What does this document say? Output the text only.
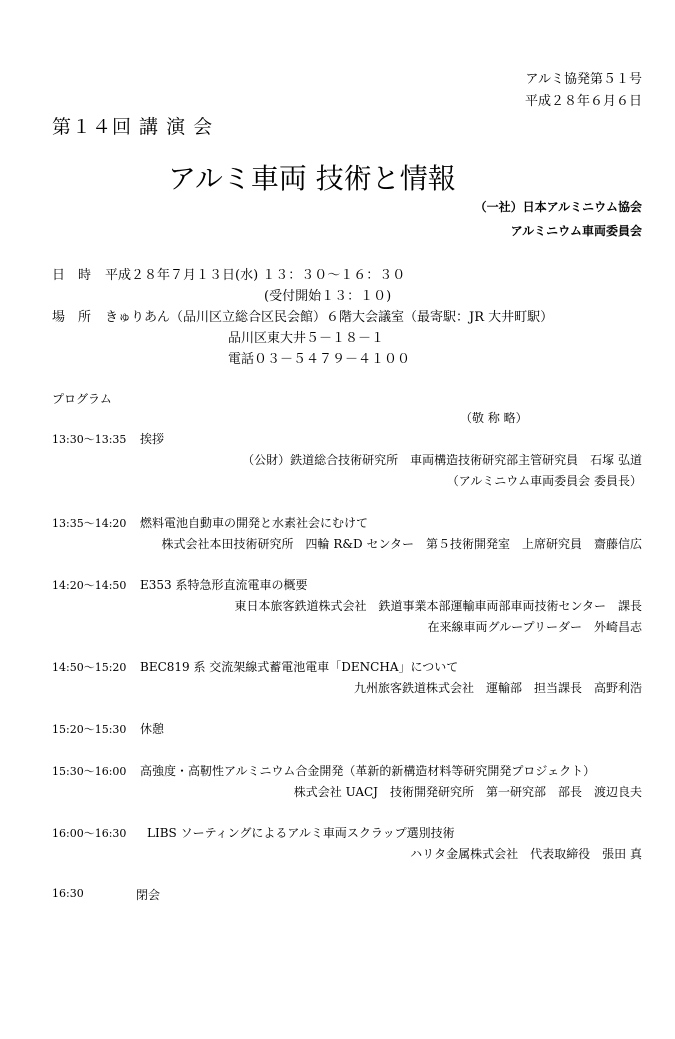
アルミ協発第５１号
平成２８年６月６日
第１４回 講 演 会
アルミ車両 技術と情報
（一社）日本アルミニウム協会
アルミニウム車両委員会
日　時 平成２８年７月１３日(水) １３：３０～１６：３０
(受付開始１３：１０)
場　所 きゅりあん（品川区立総合区民会館）６階大会議室（最寄駅：JR 大井町駅）
品川区東大井５－１８－１
電話０３－５４７９－４１００
プログラム
（敬 称 略）
13:30～13:35 挨拶
（公財）鉄道総合技術研究所　車両構造技術研究部主管研究員　石塚 弘道
（アルミニウム車両委員会 委員長）
13:35～14:20 燃料電池自動車の開発と水素社会にむけて
株式会社本田技術研究所　四輪 R&D センター　第５技術開発室　上席研究員　齋藤信広
14:20～14:50 E353 系特急形直流電車の概要
東日本旅客鉄道株式会社　鉄道事業本部運輸車両部車両技術センター　課長
在来線車両グループリーダー　外崎昌志
14:50～15:20 BEC819 系 交流架線式蓄電池電車「DENCHA」について
九州旅客鉄道株式会社　運輸部　担当課長　高野利浩
15:20～15:30 休憩
15:30～16:00 高強度・高靭性アルミニウム合金開発（革新的新構造材料等研究開発プロジェクト）
株式会社 UACJ　技術開発研究所　第一研究部　部長　渡辺良夫
16:00～16:30 LIBS ソーティングによるアルミ車両スクラップ選別技術
ハリタ金属株式会社　代表取締役　張田 真
16:30	閉会
